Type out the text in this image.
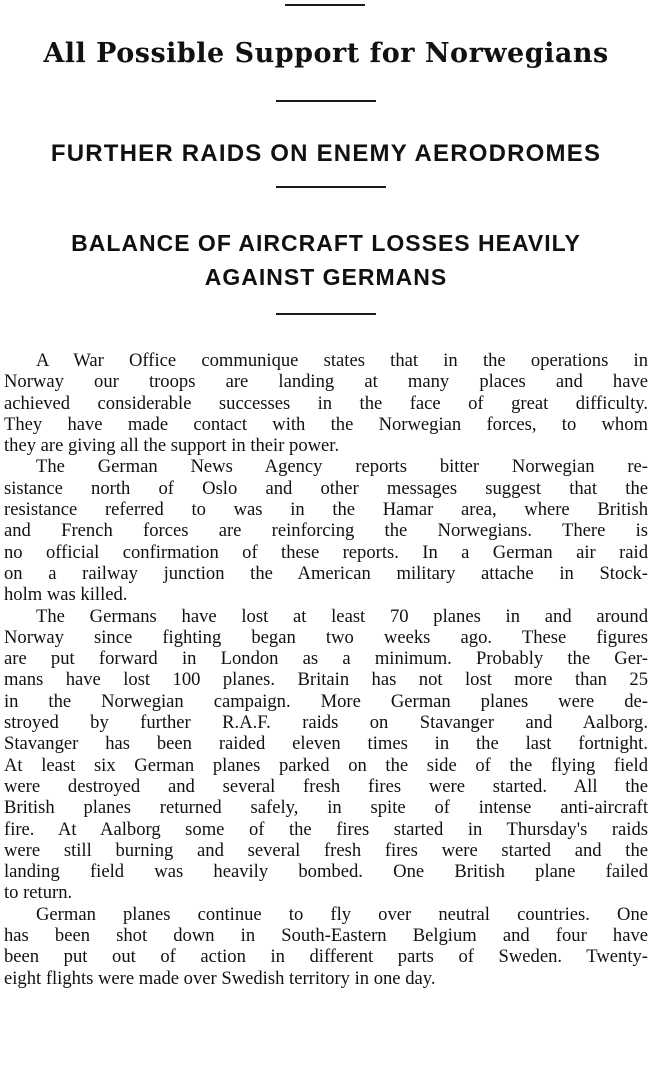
All Possible Support for Norwegians
FURTHER RAIDS ON ENEMY AERODROMES
BALANCE OF AIRCRAFT LOSSES HEAVILY
AGAINST GERMANS
A War Office communique states that in the operations in
Norway our troops are landing at many places and have
achieved considerable successes in the face of great difficulty.
They have made contact with the Norwegian forces, to whom
they are giving all the support in their power.
The German News Agency reports bitter Norwegian re-
sistance north of Oslo and other messages suggest that the
resistance referred to was in the Hamar area, where British
and French forces are reinforcing the Norwegians. There is
no official confirmation of these reports. In a German air raid
on a railway junction the American military attache in Stock-
holm was killed.
The Germans have lost at least 70 planes in and around
Norway since fighting began two weeks ago. These figures
are put forward in London as a minimum. Probably the Ger-
mans have lost 100 planes. Britain has not lost more than 25
in the Norwegian campaign. More German planes were de-
stroyed by further R.A.F. raids on Stavanger and Aalborg.
Stavanger has been raided eleven times in the last fortnight.
At least six German planes parked on the side of the flying field
were destroyed and several fresh fires were started. All the
British planes returned safely, in spite of intense anti-aircraft
fire. At Aalborg some of the fires started in Thursday's raids
were still burning and several fresh fires were started and the
landing field was heavily bombed. One British plane failed
to return.
German planes continue to fly over neutral countries. One
has been shot down in South-Eastern Belgium and four have
been put out of action in different parts of Sweden. Twenty-
eight flights were made over Swedish territory in one day.
